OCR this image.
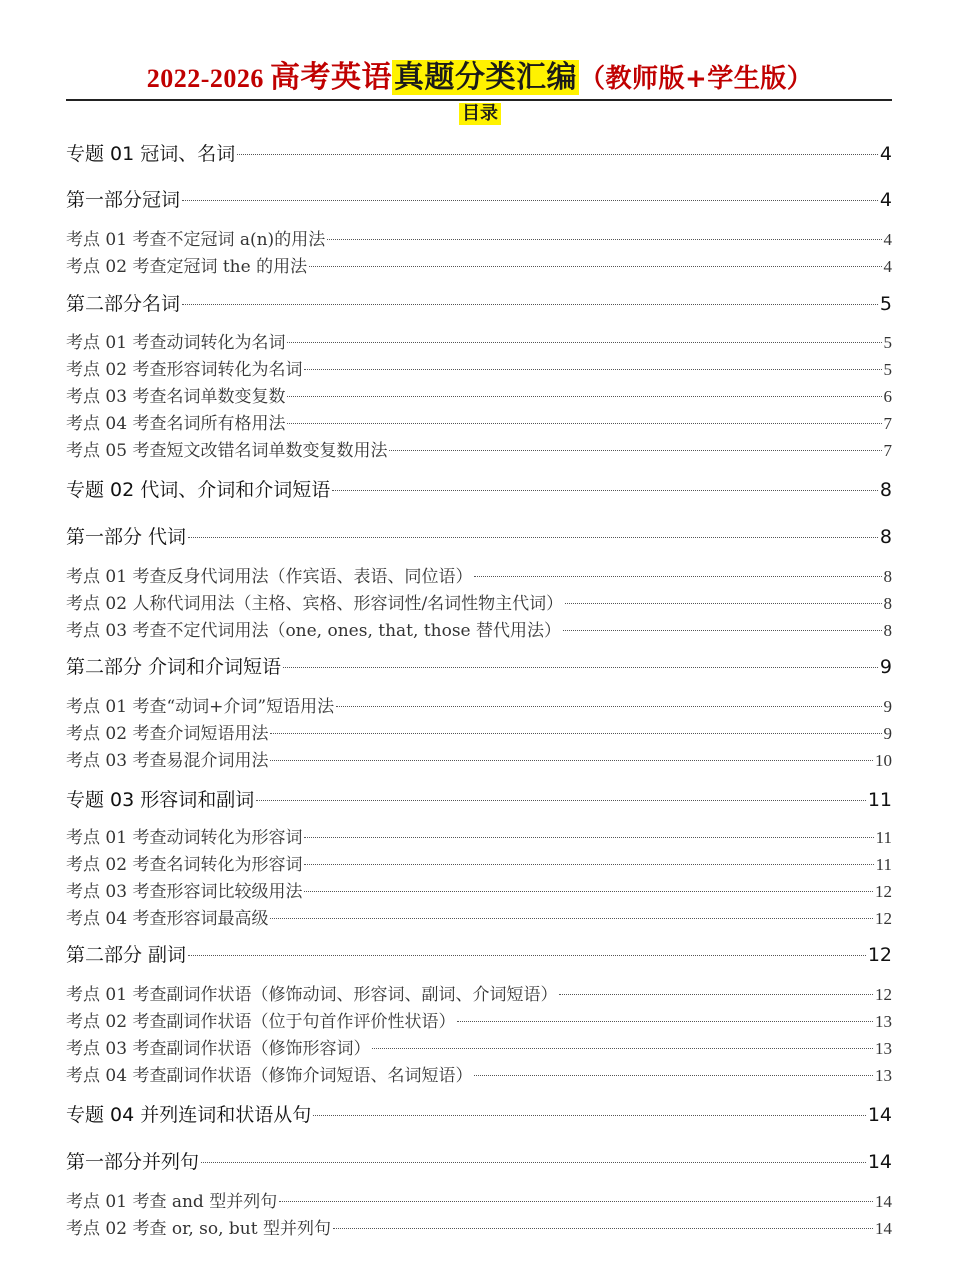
2022-2026 高考英语真题分类汇编（教师版+学生版）
目录
专题 01 冠词、名词	4
第一部分冠词	4
考点 01 考查不定冠词 a(n)的用法	4
考点 02 考查定冠词 the 的用法	4
第二部分名词	5
考点 01 考查动词转化为名词	5
考点 02 考查形容词转化为名词	5
考点 03 考查名词单数变复数	6
考点 04 考查名词所有格用法	7
考点 05 考查短文改错名词单数变复数用法	7
专题 02 代词、介词和介词短语	8
第一部分 代词	8
考点 01 考查反身代词用法（作宾语、表语、同位语）	8
考点 02 人称代词用法（主格、宾格、形容词性/名词性物主代词）	8
考点 03 考查不定代词用法（one, ones, that, those 替代用法）	8
第二部分 介词和介词短语	9
考点 01 考查“动词+介词”短语用法	9
考点 02 考查介词短语用法	9
考点 03 考查易混介词用法	10
专题 03 形容词和副词	11
考点 01 考查动词转化为形容词	11
考点 02 考查名词转化为形容词	11
考点 03 考查形容词比较级用法	12
考点 04 考查形容词最高级	12
第二部分 副词	12
考点 01 考查副词作状语（修饰动词、形容词、副词、介词短语）	12
考点 02 考查副词作状语（位于句首作评价性状语）	13
考点 03 考查副词作状语（修饰形容词）	13
考点 04 考查副词作状语（修饰介词短语、名词短语）	13
专题 04 并列连词和状语从句	14
第一部分并列句	14
考点 01 考查 and 型并列句	14
考点 02 考查 or, so, but 型并列句	14
